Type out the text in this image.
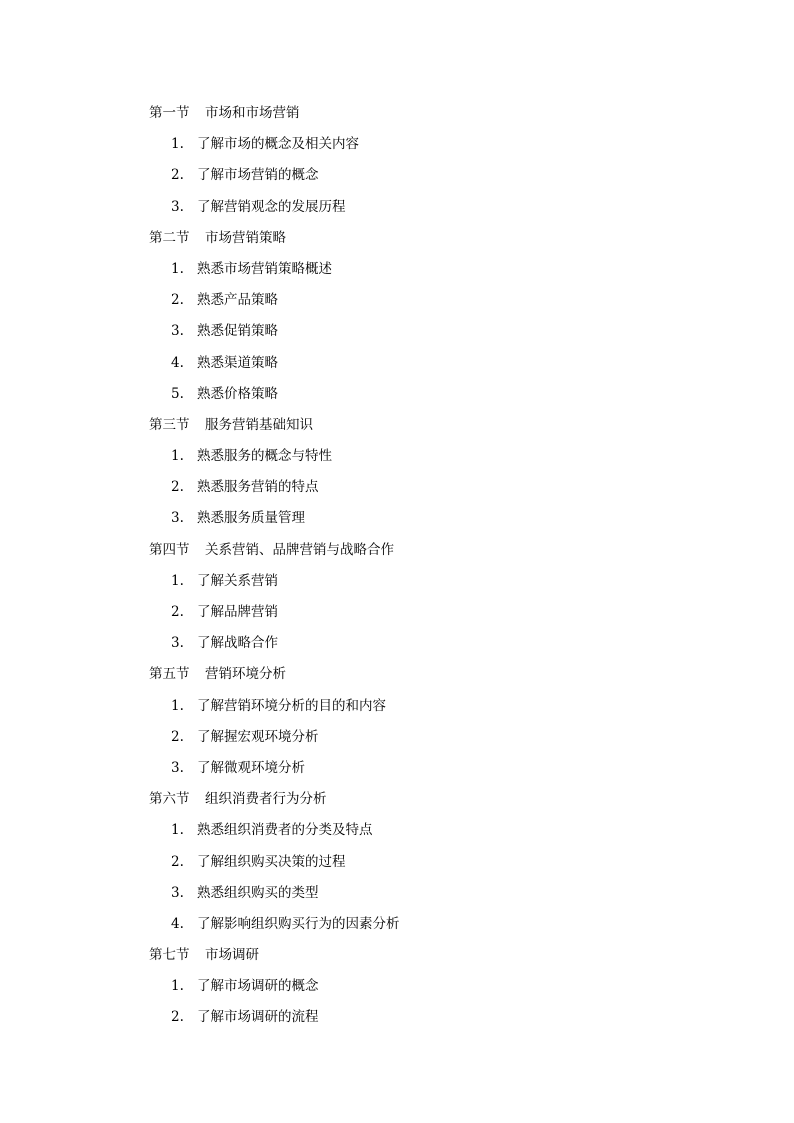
第一节 市场和市场营销
1. 了解市场的概念及相关内容
2. 了解市场营销的概念
3. 了解营销观念的发展历程
第二节 市场营销策略
1. 熟悉市场营销策略概述
2. 熟悉产品策略
3. 熟悉促销策略
4. 熟悉渠道策略
5. 熟悉价格策略
第三节 服务营销基础知识
1. 熟悉服务的概念与特性
2. 熟悉服务营销的特点
3. 熟悉服务质量管理
第四节 关系营销、品牌营销与战略合作
1. 了解关系营销
2. 了解品牌营销
3. 了解战略合作
第五节 营销环境分析
1. 了解营销环境分析的目的和内容
2. 了解握宏观环境分析
3. 了解微观环境分析
第六节 组织消费者行为分析
1. 熟悉组织消费者的分类及特点
2. 了解组织购买决策的过程
3. 熟悉组织购买的类型
4. 了解影响组织购买行为的因素分析
第七节 市场调研
1. 了解市场调研的概念
2. 了解市场调研的流程
